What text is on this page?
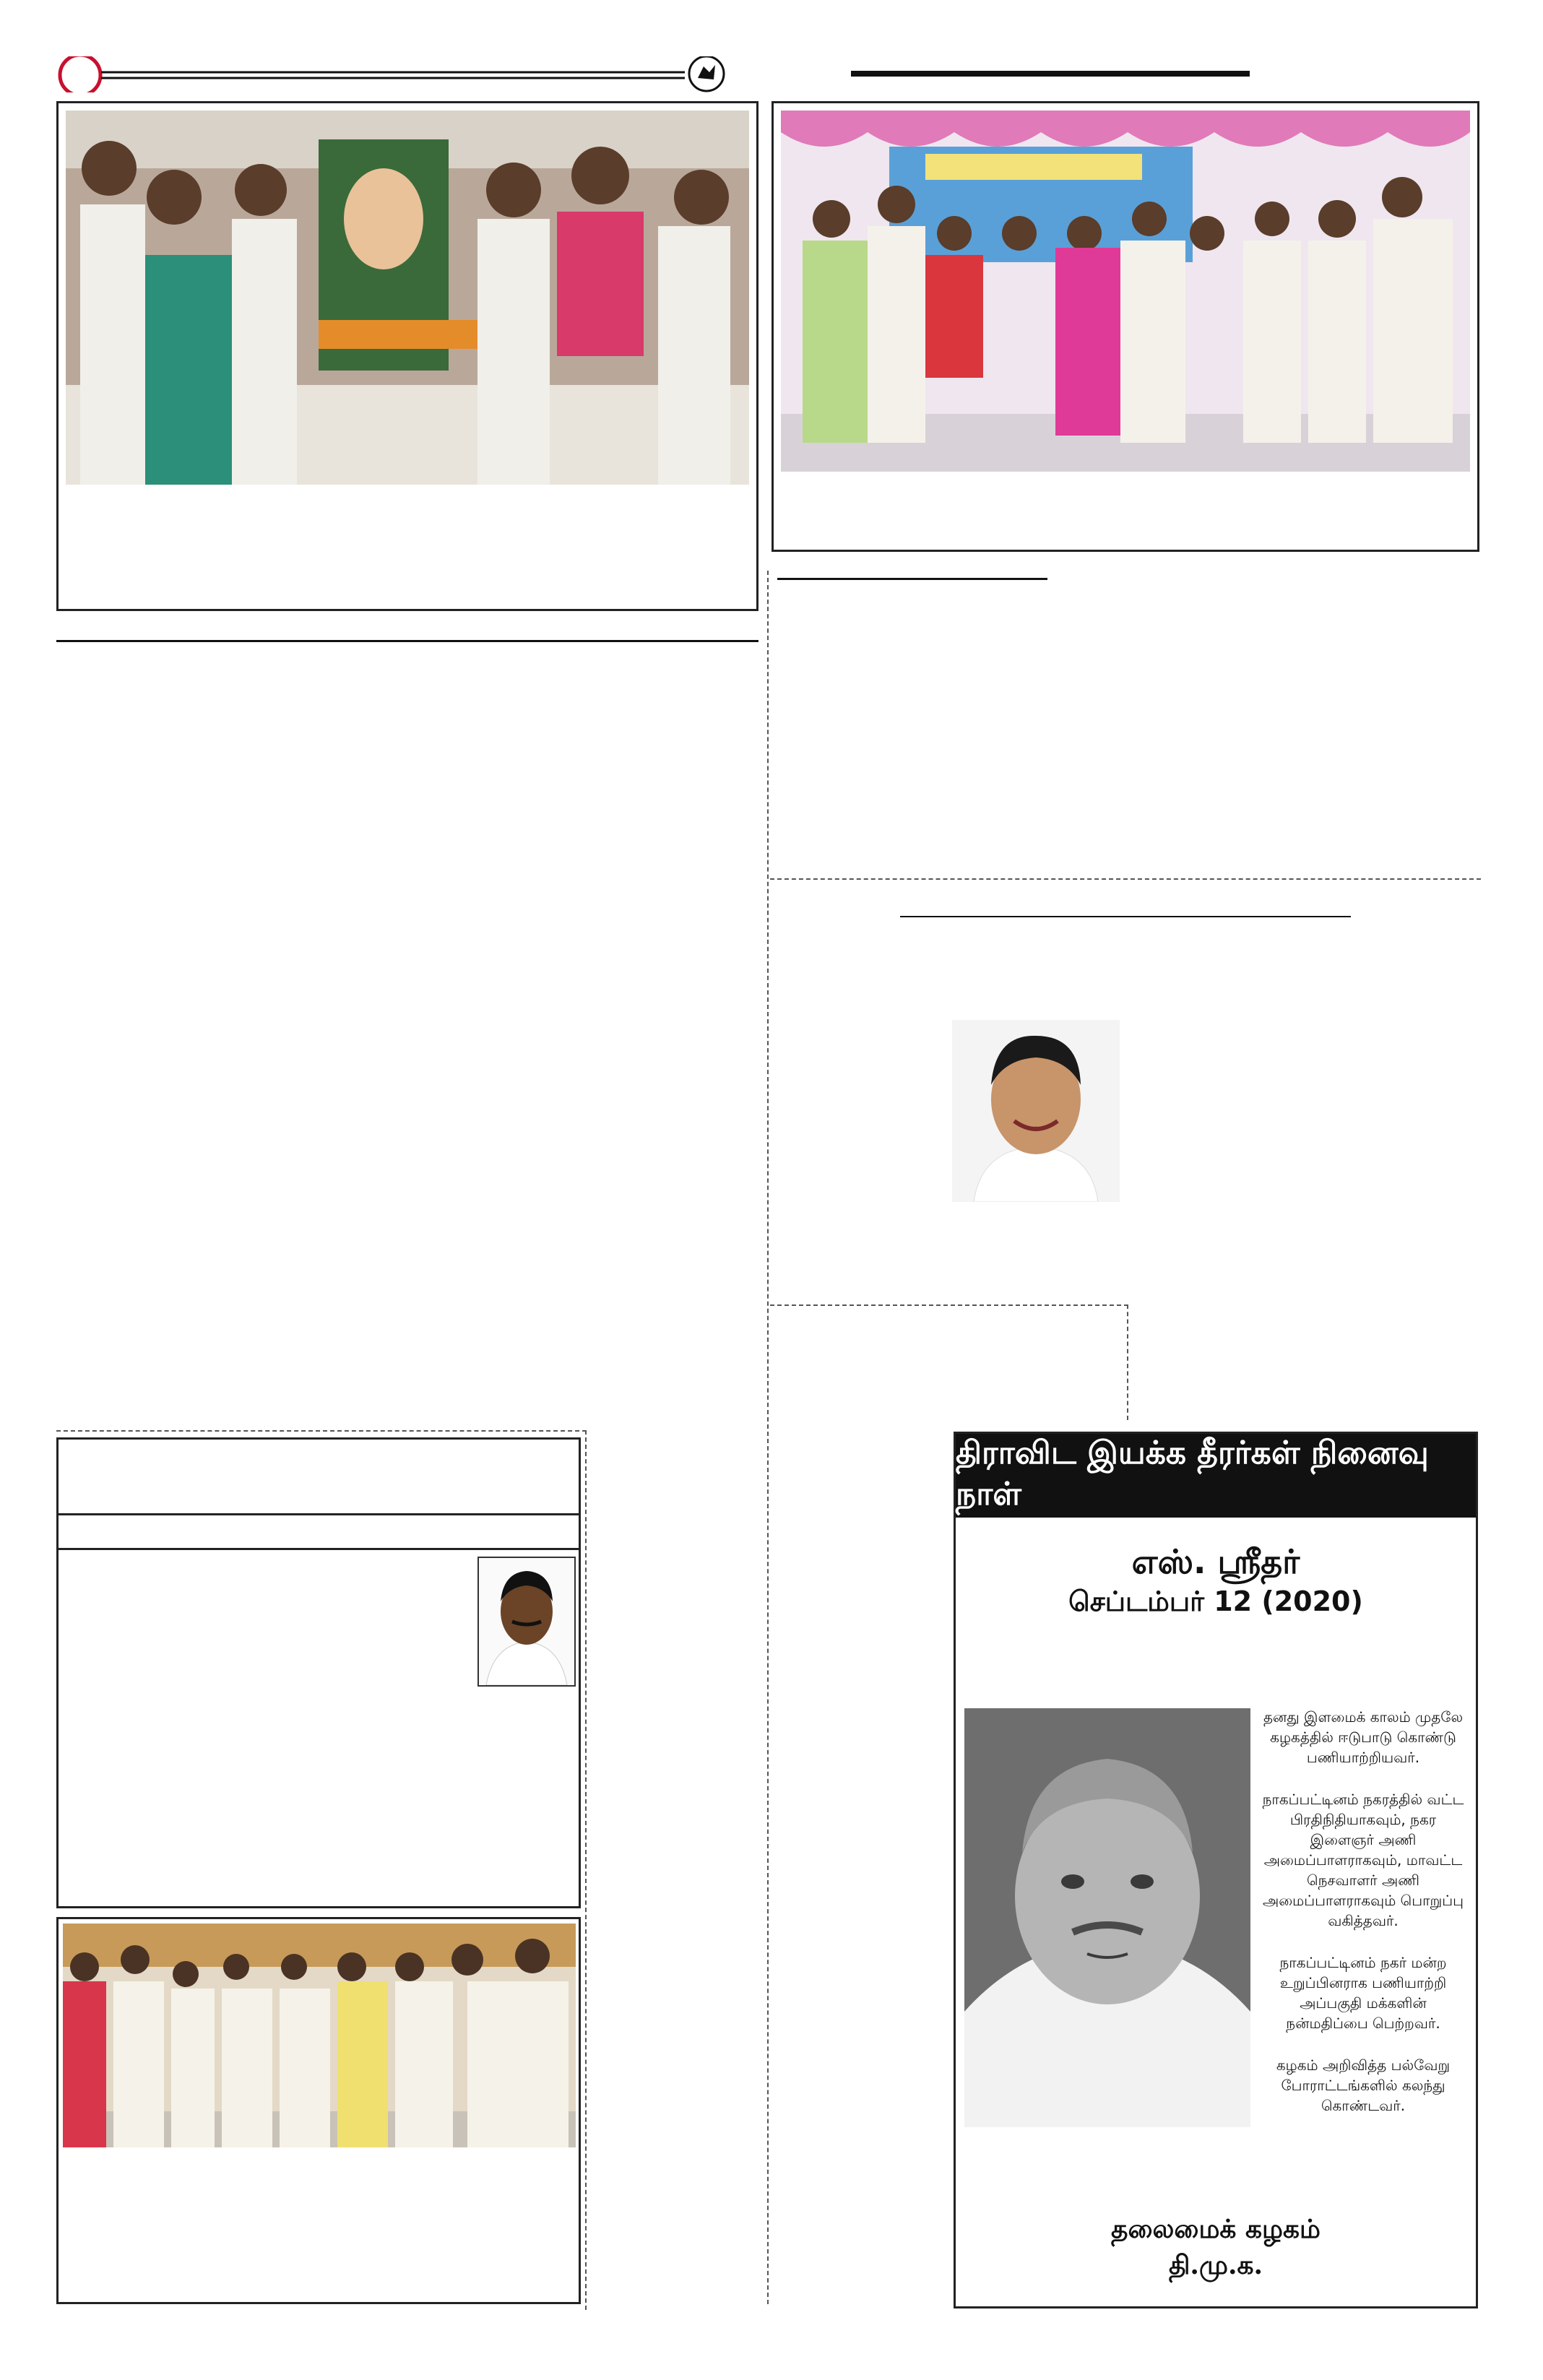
திராவிட இயக்க தீரர்கள் நினைவு நாள்
எஸ். ஸ்ரீதர்
செப்டம்பர் 12 (2020)

தனது இளமைக் காலம் முதலே கழகத்தில் ஈடுபாடு கொண்டு பணியாற்றியவர்.

நாகப்பட்டினம் நகரத்தில் வட்ட பிரதிநிதியாகவும், நகர இளைஞர் அணி அமைப்பாளராகவும், மாவட்ட நெசவாளர் அணி அமைப்பாளராகவும் பொறுப்பு வகித்தவர்.

நாகப்பட்டினம் நகர் மன்ற உறுப்பினராக பணியாற்றி அப்பகுதி மக்களின் நன்மதிப்பை பெற்றவர்.

கழகம் அறிவித்த பல்வேறு போராட்டங்களில் கலந்து கொண்டவர்.

தலைமைக் கழகம்
தி.மு.க.
